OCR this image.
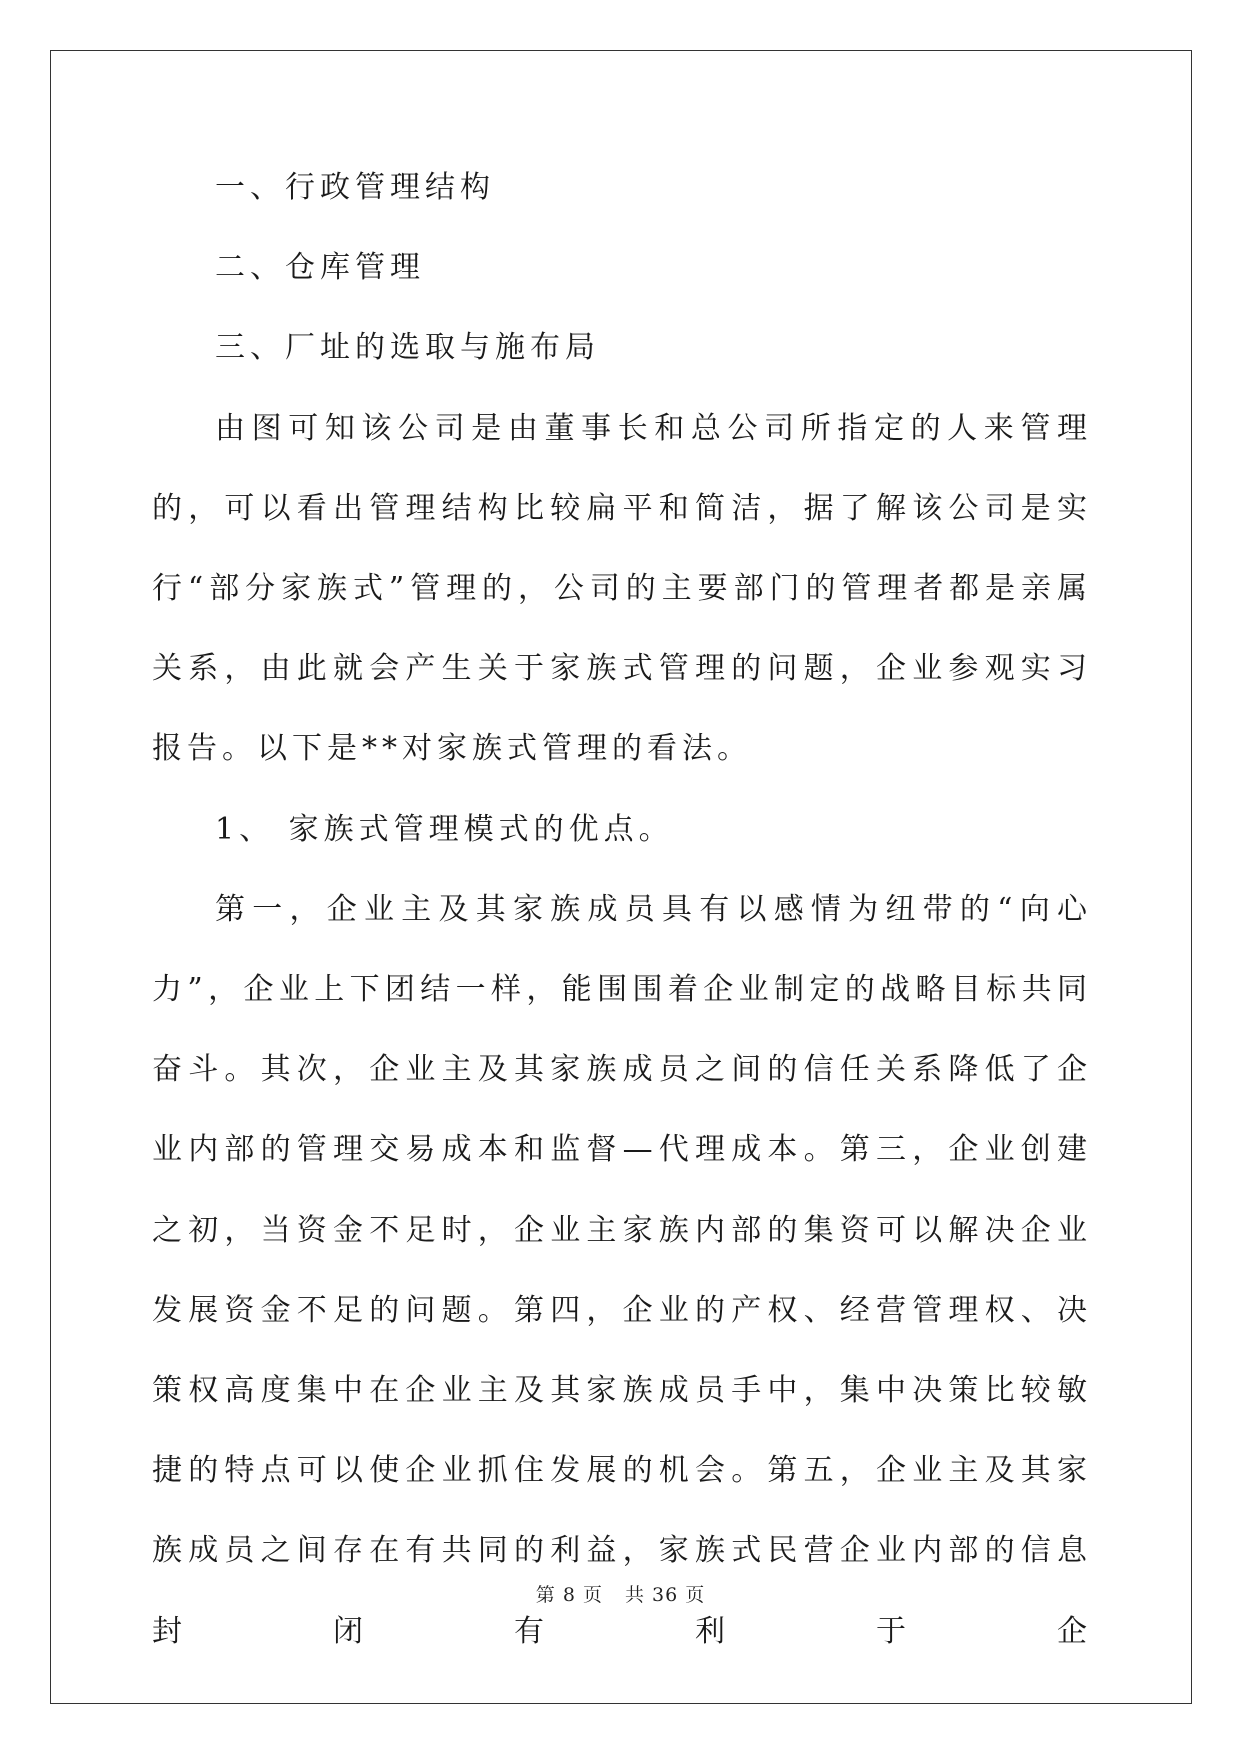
一、行政管理结构

二、仓库管理

三、厂址的选取与施布局

由图可知该公司是由董事长和总公司所指定的人来管理的，可以看出管理结构比较扁平和简洁，据了解该公司是实行“部分家族式”管理的，公司的主要部门的管理者都是亲属关系，由此就会产生关于家族式管理的问题，企业参观实习报告。以下是**对家族式管理的看法。

1、 家族式管理模式的优点。

第一，企业主及其家族成员具有以感情为纽带的“向心力”，企业上下团结一样，能围围着企业制定的战略目标共同奋斗。其次，企业主及其家族成员之间的信任关系降低了企业内部的管理交易成本和监督—代理成本。第三，企业创建之初，当资金不足时，企业主家族内部的集资可以解决企业发展资金不足的问题。第四，企业的产权、经营管理权、决策权高度集中在企业主及其家族成员手中，集中决策比较敏捷的特点可以使企业抓住发展的机会。第五，企业主及其家族成员之间存在有共同的利益，家族式民营企业内部的信息封闭有利于企

第 8 页 共 36 页
